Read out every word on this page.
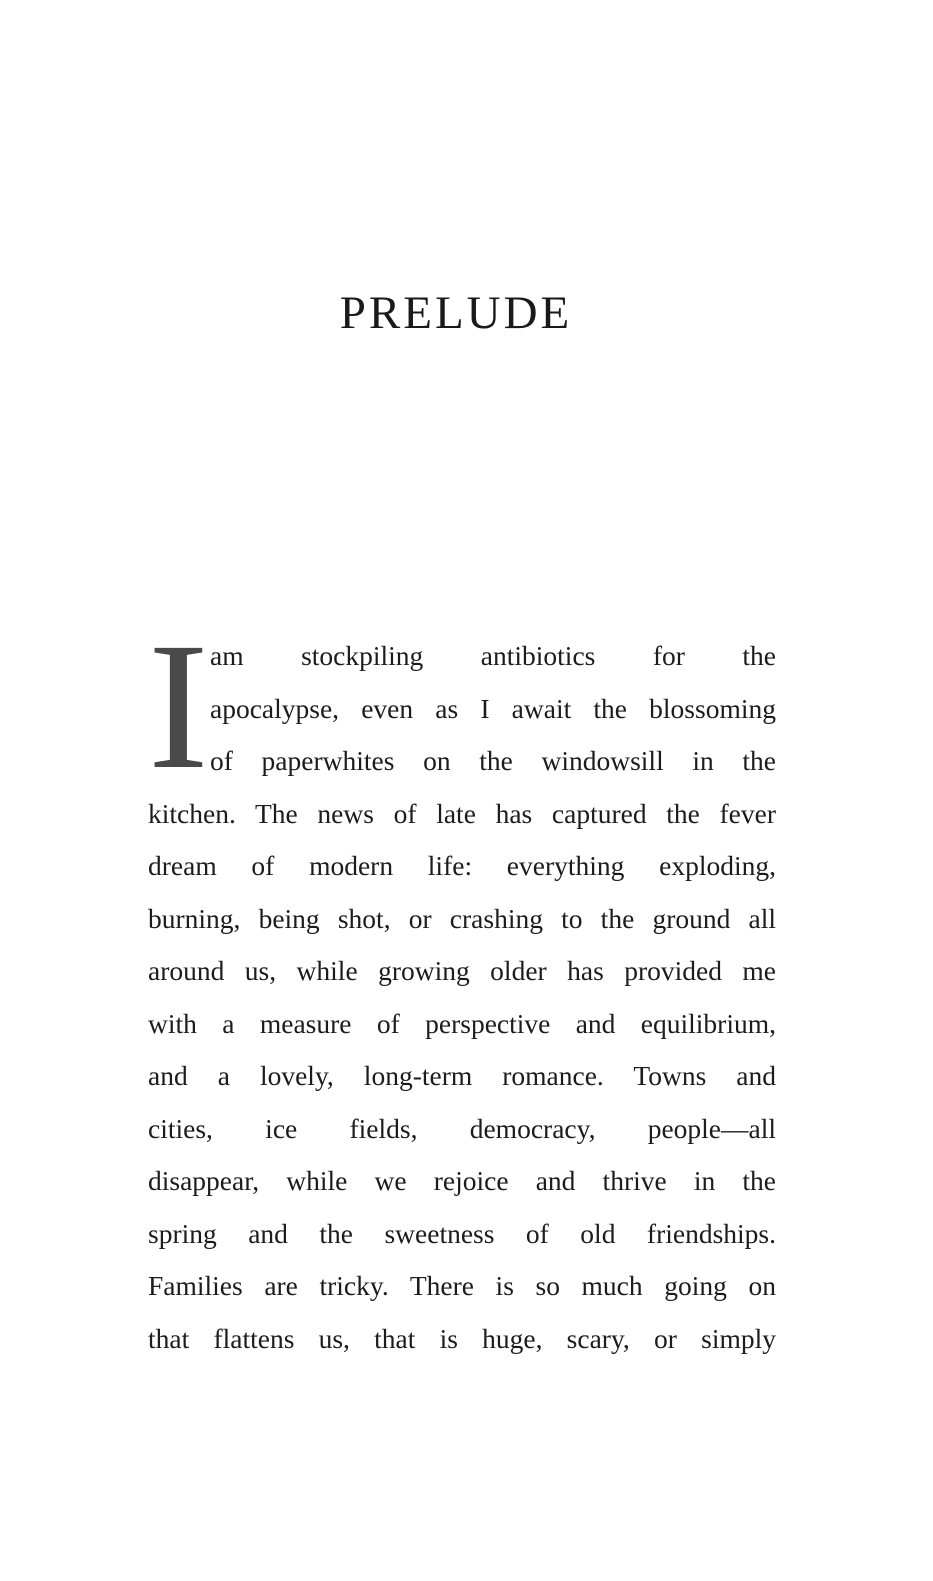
PRELUDE
I am stockpiling antibiotics for the
apocalypse, even as I await the blossoming
of paperwhites on the windowsill in the
kitchen. The news of late has captured the fever
dream of modern life: everything exploding,
burning, being shot, or crashing to the ground all
around us, while growing older has provided me
with a measure of perspective and equilibrium,
and a lovely, long-term romance. Towns and
cities, ice fields, democracy, people—all
disappear, while we rejoice and thrive in the
spring and the sweetness of old friendships.
Families are tricky. There is so much going on
that flattens us, that is huge, scary, or simply
